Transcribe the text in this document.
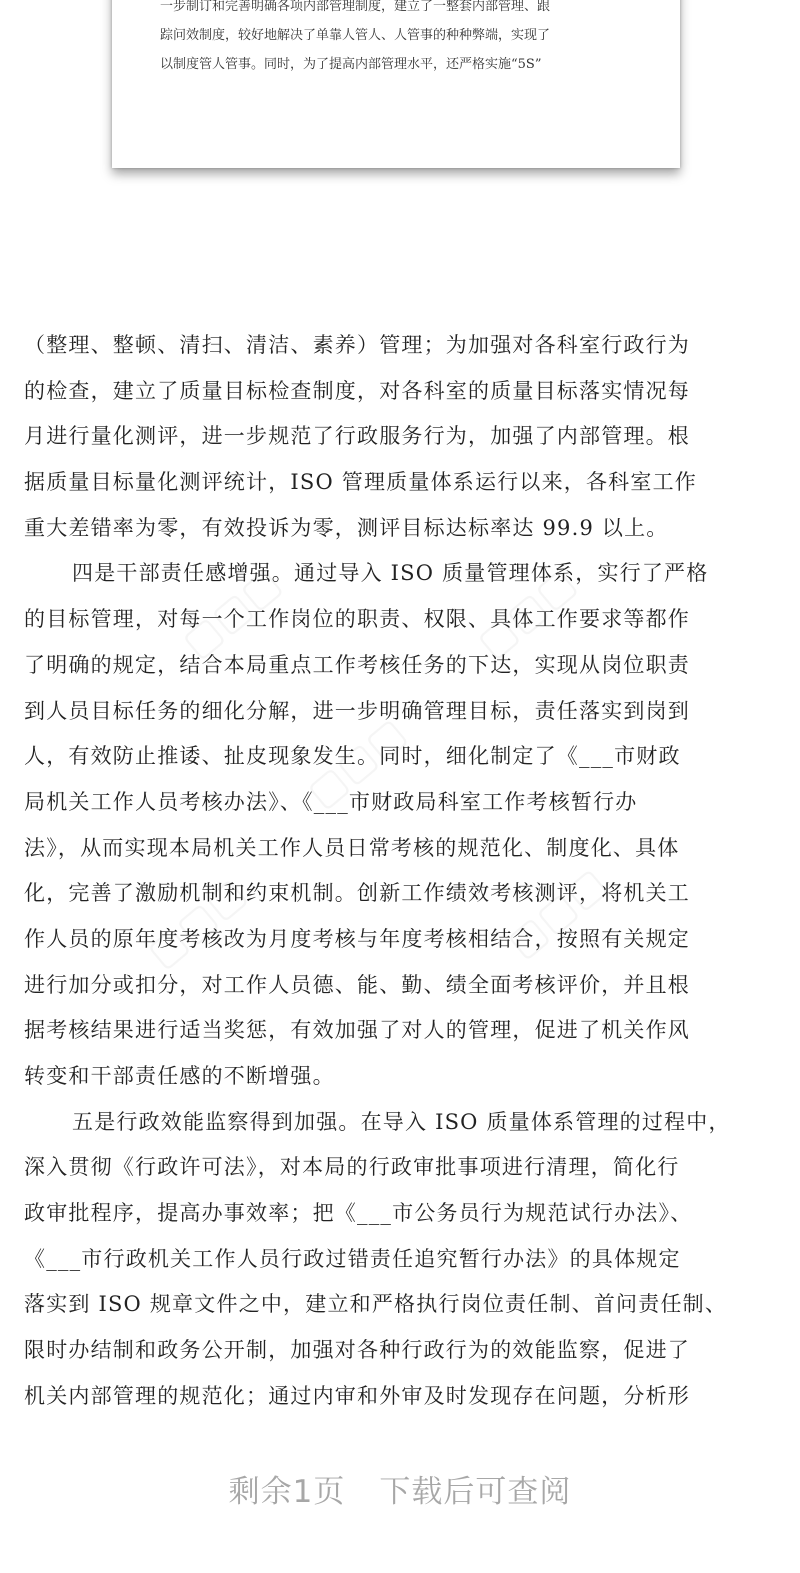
一步制订和完善明确各项内部管理制度，建立了一整套内部管理、跟
踪问效制度，较好地解决了单靠人管人、人管事的种种弊端，实现了
以制度管人管事。同时，为了提高内部管理水平，还严格实施“5S”
（整理、整顿、清扫、清洁、素养）管理；为加强对各科室行政行为
的检查，建立了质量目标检查制度，对各科室的质量目标落实情况每
月进行量化测评，进一步规范了行政服务行为，加强了内部管理。根
据质量目标量化测评统计，ISO 管理质量体系运行以来，各科室工作
重大差错率为零，有效投诉为零，测评目标达标率达 99.9 以上。
四是干部责任感增强。通过导入 ISO 质量管理体系，实行了严格
的目标管理，对每一个工作岗位的职责、权限、具体工作要求等都作
了明确的规定，结合本局重点工作考核任务的下达，实现从岗位职责
到人员目标任务的细化分解，进一步明确管理目标，责任落实到岗到
人，有效防止推诿、扯皮现象发生。同时，细化制定了《___市财政
局机关工作人员考核办法》、《___市财政局科室工作考核暂行办
法》，从而实现本局机关工作人员日常考核的规范化、制度化、具体
化，完善了激励机制和约束机制。创新工作绩效考核测评，将机关工
作人员的原年度考核改为月度考核与年度考核相结合，按照有关规定
进行加分或扣分，对工作人员德、能、勤、绩全面考核评价，并且根
据考核结果进行适当奖惩，有效加强了对人的管理，促进了机关作风
转变和干部责任感的不断增强。
五是行政效能监察得到加强。在导入 ISO 质量体系管理的过程中，
深入贯彻《行政许可法》，对本局的行政审批事项进行清理，简化行
政审批程序，提高办事效率；把《___市公务员行为规范试行办法》、
《___市行政机关工作人员行政过错责任追究暂行办法》的具体规定
落实到 ISO 规章文件之中，建立和严格执行岗位责任制、首问责任制、
限时办结制和政务公开制，加强对各种行政行为的效能监察，促进了
机关内部管理的规范化；通过内审和外审及时发现存在问题，分析形
剩余1页 下载后可查阅
